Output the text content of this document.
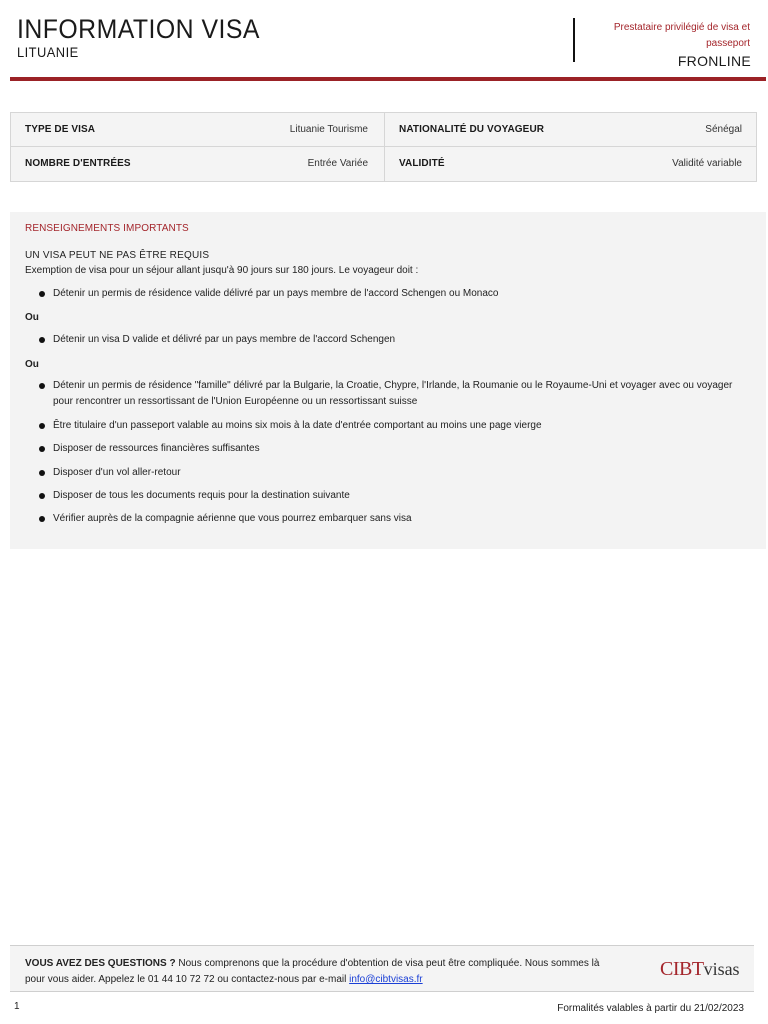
INFORMATION VISA
LITUANIE
Prestataire privilégié de visa et passeport
FRONLINE
TYPE DE VISA	Lituanie Tourisme	NATIONALITÉ DU VOYAGEUR	Sénégal
NOMBRE D'ENTRÉES	Entrée Variée	VALIDITÉ	Validité variable
RENSEIGNEMENTS IMPORTANTS
UN VISA PEUT NE PAS ÊTRE REQUIS
Exemption de visa pour un séjour allant jusqu'à 90 jours sur 180 jours. Le voyageur doit :
Détenir un permis de résidence valide délivré par un pays membre de l'accord Schengen ou Monaco
Ou
Détenir un visa D valide et délivré par un pays membre de l'accord Schengen
Ou
Détenir un permis de résidence "famille" délivré par la Bulgarie, la Croatie, Chypre, l'Irlande, la Roumanie ou le Royaume-Uni et voyager avec ou voyager pour rencontrer un ressortissant de l'Union Européenne ou un ressortissant suisse
Être titulaire d'un passeport valable au moins six mois à la date d'entrée comportant au moins une page vierge
Disposer de ressources financières suffisantes
Disposer d'un vol aller-retour
Disposer de tous les documents requis pour la destination suivante
Vérifier auprès de la compagnie aérienne que vous pourrez embarquer sans visa
VOUS AVEZ DES QUESTIONS ? Nous comprenons que la procédure d'obtention de visa peut être compliquée. Nous sommes là pour vous aider. Appelez le 01 44 10 72 72 ou contactez-nous par e-mail info@cibtvisas.fr	CIBTvisas
1	Formalités valables à partir du 21/02/2023
